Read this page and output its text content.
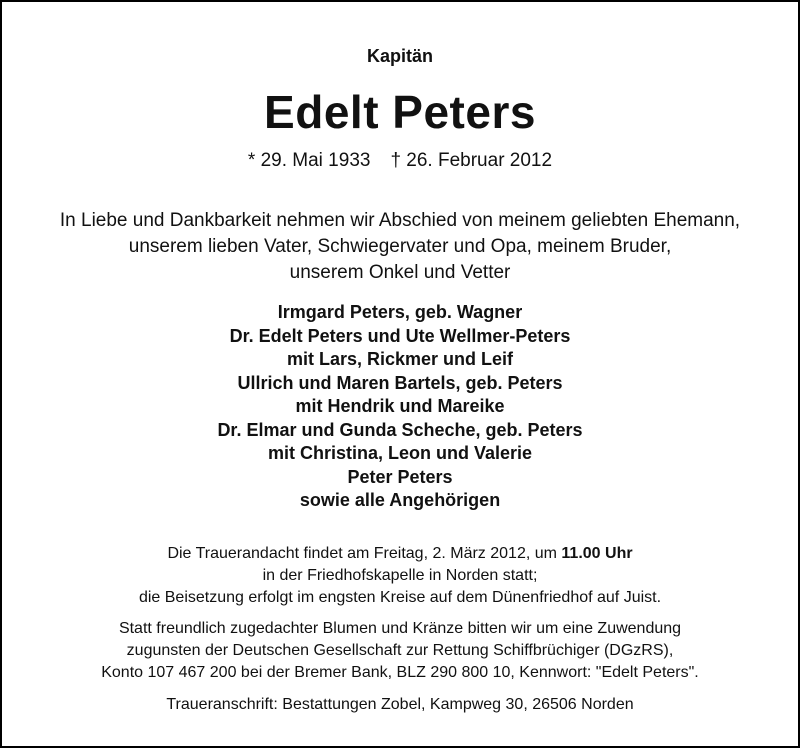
Kapitän
Edelt Peters
* 29. Mai 1933 † 26. Februar 2012
In Liebe und Dankbarkeit nehmen wir Abschied von meinem geliebten Ehemann,
unserem lieben Vater, Schwiegervater und Opa, meinem Bruder,
unserem Onkel und Vetter
Irmgard Peters, geb. Wagner
Dr. Edelt Peters und Ute Wellmer-Peters
mit Lars, Rickmer und Leif
Ullrich und Maren Bartels, geb. Peters
mit Hendrik und Mareike
Dr. Elmar und Gunda Scheche, geb. Peters
mit Christina, Leon und Valerie
Peter Peters
sowie alle Angehörigen
Die Trauerandacht findet am Freitag, 2. März 2012, um 11.00 Uhr
in der Friedhofskapelle in Norden statt;
die Beisetzung erfolgt im engsten Kreise auf dem Dünenfriedhof auf Juist.
Statt freundlich zugedachter Blumen und Kränze bitten wir um eine Zuwendung
zugunsten der Deutschen Gesellschaft zur Rettung Schiffbrüchiger (DGzRS),
Konto 107 467 200 bei der Bremer Bank, BLZ 290 800 10, Kennwort: "Edelt Peters".
Traueranschrift: Bestattungen Zobel, Kampweg 30, 26506 Norden
